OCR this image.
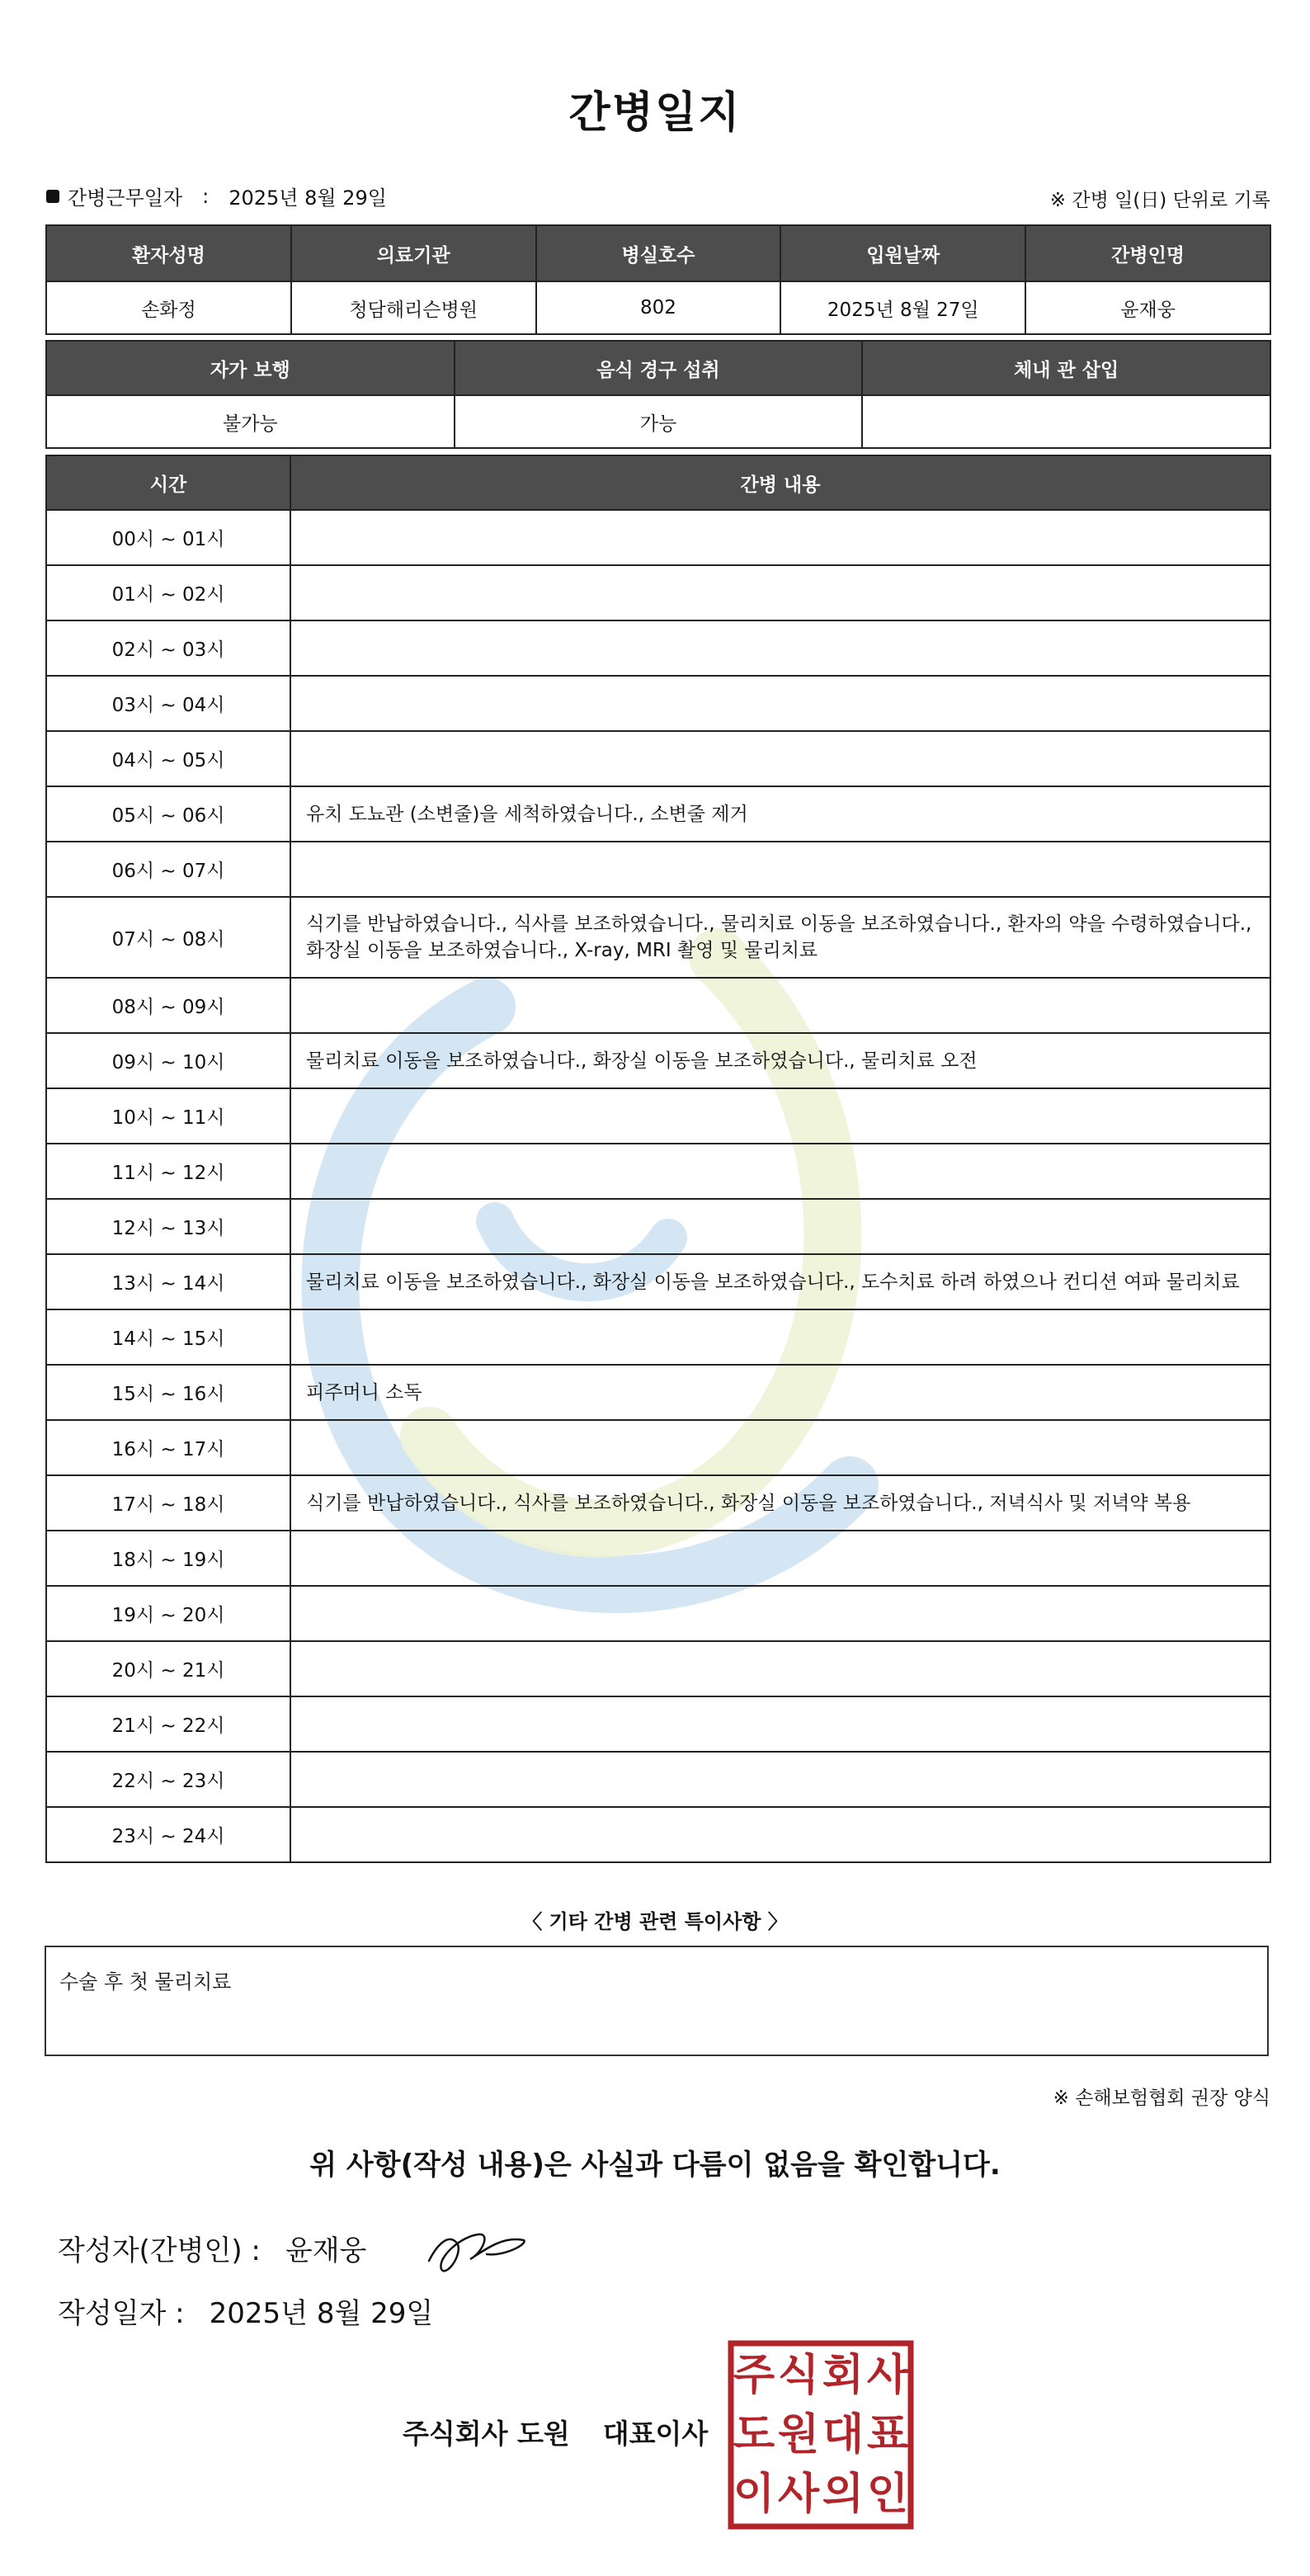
간병일지
간병근무일자 : 2025년 8월 29일	※ 간병 일(日) 단위로 기록
환자성명	의료기관	병실호수	입원날짜	간병인명
손화정	청담해리슨병원	802	2025년 8월 27일	윤재웅
자가 보행	음식 경구 섭취	체내 관 삽입
불가능	가능	
시간	간병 내용
00시 ~ 01시	
01시 ~ 02시	
02시 ~ 03시	
03시 ~ 04시	
04시 ~ 05시	
05시 ~ 06시	유치 도뇨관 (소변줄)을 세척하였습니다., 소변줄 제거
06시 ~ 07시	
07시 ~ 08시	식기를 반납하였습니다., 식사를 보조하였습니다., 물리치료 이동을 보조하였습니다., 환자의 약을 수령하였습니다., 화장실 이동을 보조하였습니다., X-ray, MRI 촬영 및 물리치료
08시 ~ 09시	
09시 ~ 10시	물리치료 이동을 보조하였습니다., 화장실 이동을 보조하였습니다., 물리치료 오전
10시 ~ 11시	
11시 ~ 12시	
12시 ~ 13시	
13시 ~ 14시	물리치료 이동을 보조하였습니다., 화장실 이동을 보조하였습니다., 도수치료 하려 하였으나 컨디션 여파 물리치료
14시 ~ 15시	
15시 ~ 16시	피주머니 소독
16시 ~ 17시	
17시 ~ 18시	식기를 반납하였습니다., 식사를 보조하였습니다., 화장실 이동을 보조하였습니다., 저녁식사 및 저녁약 복용
18시 ~ 19시	
19시 ~ 20시	
20시 ~ 21시	
21시 ~ 22시	
22시 ~ 23시	
23시 ~ 24시	
〈 기타 간병 관련 특이사항 〉
수술 후 첫 물리치료
※ 손해보험협회 권장 양식
위 사항(작성 내용)은 사실과 다름이 없음을 확인합니다.
작성자(간병인) : 윤재웅
작성일자 : 2025년 8월 29일
주식회사 도원 대표이사
주 식 회 사
도 원 대 표
이 사 의 인
